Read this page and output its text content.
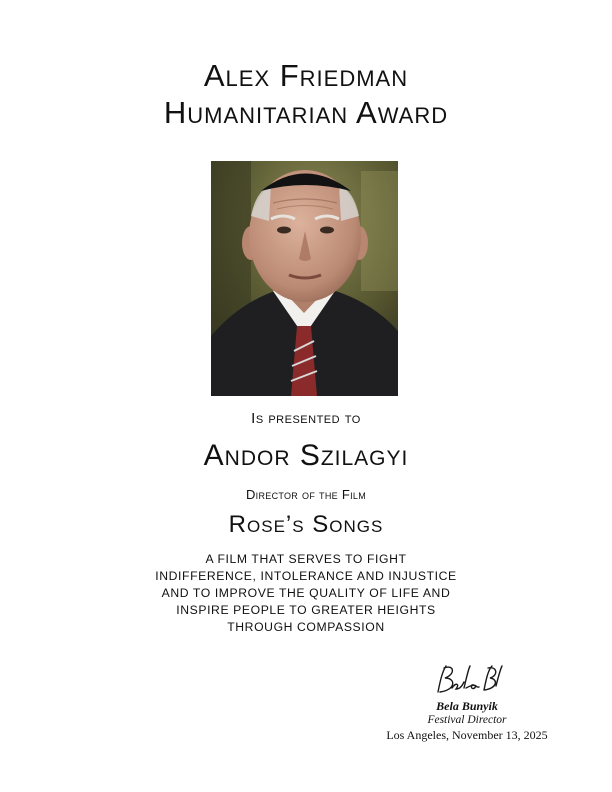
Alex Friedman
Humanitarian Award
Is presented to
Andor Szilagyi
Director of the Film
Rose’s Songs
A FILM THAT SERVES TO FIGHT
INDIFFERENCE, INTOLERANCE AND INJUSTICE
AND TO IMPROVE THE QUALITY OF LIFE AND
INSPIRE PEOPLE TO GREATER HEIGHTS
THROUGH COMPASSION
Bela Bunyik
Festival Director
Los Angeles, November 13, 2025
